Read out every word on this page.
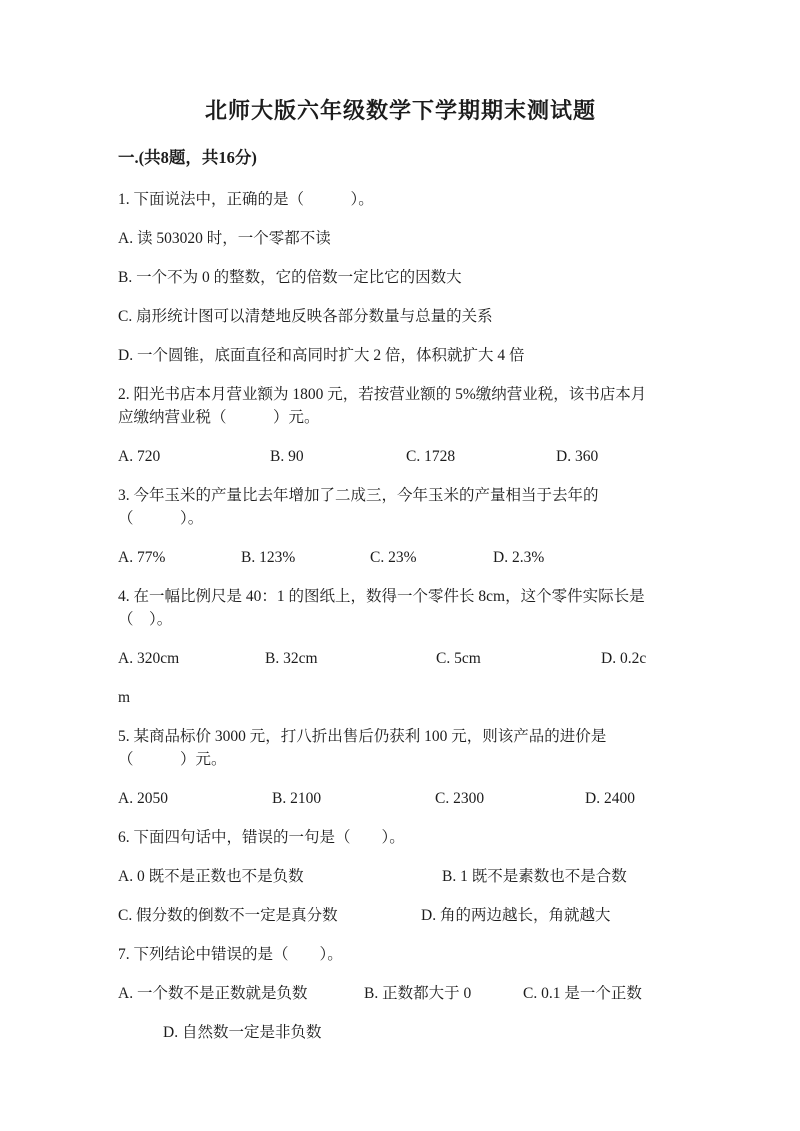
北师大版六年级数学下学期期末测试题
一.(共8题，共16分)

1. 下面说法中，正确的是（　　　）。

A. 读 503020 时，一个零都不读

B. 一个不为 0 的整数，它的倍数一定比它的因数大

C. 扇形统计图可以清楚地反映各部分数量与总量的关系

D. 一个圆锥，底面直径和高同时扩大 2 倍，体积就扩大 4 倍

2. 阳光书店本月营业额为 1800 元，若按营业额的 5%缴纳营业税，该书店本月

应缴纳营业税（　　　）元。

A. 720	B. 90	C. 1728	D. 360

3. 今年玉米的产量比去年增加了二成三，今年玉米的产量相当于去年的

（　　　）。

A. 77%	B. 123%	C. 23%	D. 2.3%

4. 在一幅比例尺是 40：1 的图纸上，数得一个零件长 8cm，这个零件实际长是

（　）。

A. 320cm	B. 32cm	C. 5cm	D. 0.2c
m

5. 某商品标价 3000 元，打八折出售后仍获利 100 元，则该产品的进价是

（　　　）元。

A. 2050	B. 2100	C. 2300	D. 2400

6. 下面四句话中，错误的一句是（　　）。

A. 0 既不是正数也不是负数	B. 1 既不是素数也不是合数
C. 假分数的倒数不一定是真分数	D. 角的两边越长，角就越大

7. 下列结论中错误的是（　　）。

A. 一个数不是正数就是负数	B. 正数都大于 0	C. 0.1 是一个正数
D. 自然数一定是非负数
